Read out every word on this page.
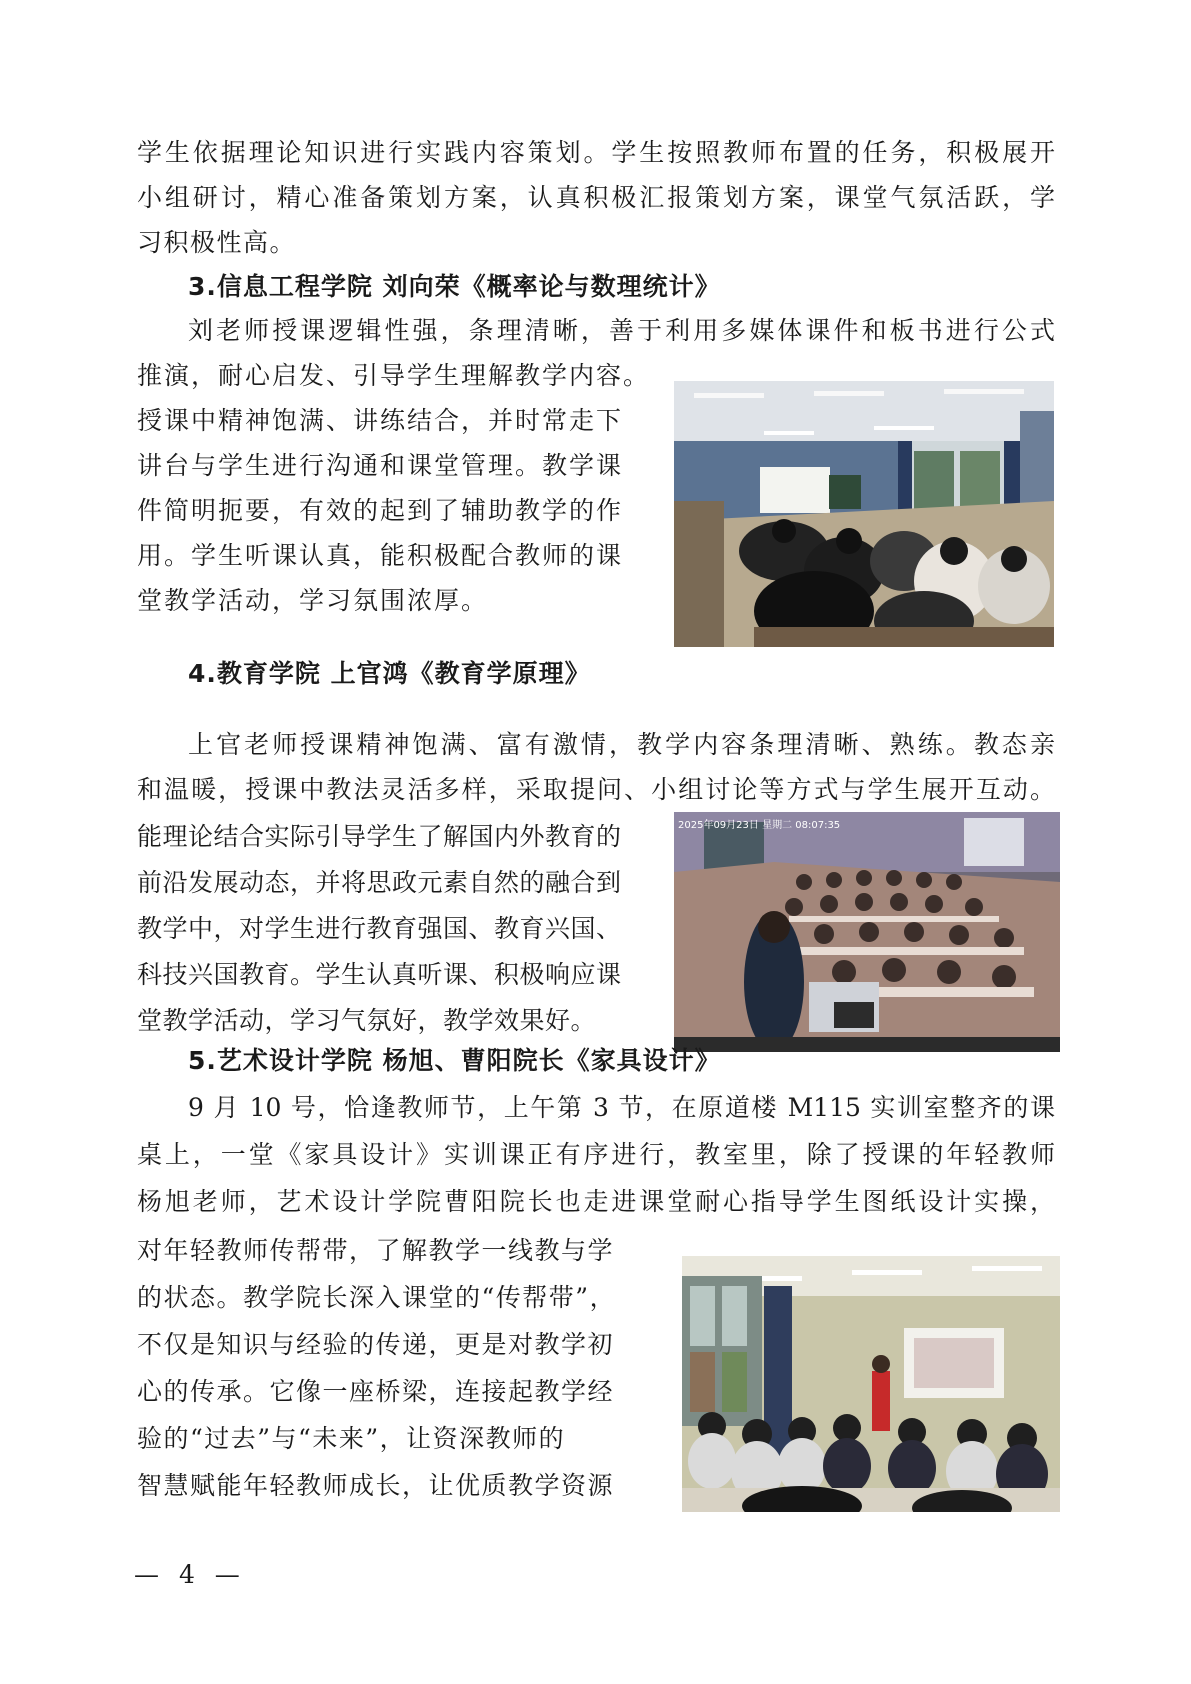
学生依据理论知识进行实践内容策划。学生按照教师布置的任务，积极展开
小组研讨，精心准备策划方案，认真积极汇报策划方案，课堂气氛活跃，学
习积极性高。
3.信息工程学院 刘向荣《概率论与数理统计》
刘老师授课逻辑性强，条理清晰，善于利用多媒体课件和板书进行公式
推演，耐心启发、引导学生理解教学内容。
授课中精神饱满、讲练结合，并时常走下
讲台与学生进行沟通和课堂管理。教学课
件简明扼要，有效的起到了辅助教学的作
用。学生听课认真，能积极配合教师的课
堂教学活动，学习氛围浓厚。
4.教育学院 上官鸿《教育学原理》
上官老师授课精神饱满、富有激情，教学内容条理清晰、熟练。教态亲
和温暖，授课中教法灵活多样，采取提问、小组讨论等方式与学生展开互动。
能理论结合实际引导学生了解国内外教育的
前沿发展动态，并将思政元素自然的融合到
教学中，对学生进行教育强国、教育兴国、
科技兴国教育。学生认真听课、积极响应课
堂教学活动，学习气氛好，教学效果好。
2025年09月23日 星期二 08:07:35
5.艺术设计学院 杨旭、曹阳院长《家具设计》
9 月 10 号，恰逢教师节，上午第 3 节，在原道楼 M115 实训室整齐的课
桌上，一堂《家具设计》实训课正有序进行，教室里，除了授课的年轻教师
杨旭老师，艺术设计学院曹阳院长也走进课堂耐心指导学生图纸设计实操，
对年轻教师传帮带，了解教学一线教与学
的状态。教学院长深入课堂的“传帮带”，
不仅是知识与经验的传递，更是对教学初
心的传承。它像一座桥梁，连接起教学经
验的“过去”与“未来”，让资深教师的
智慧赋能年轻教师成长，让优质教学资源
— 4 —
